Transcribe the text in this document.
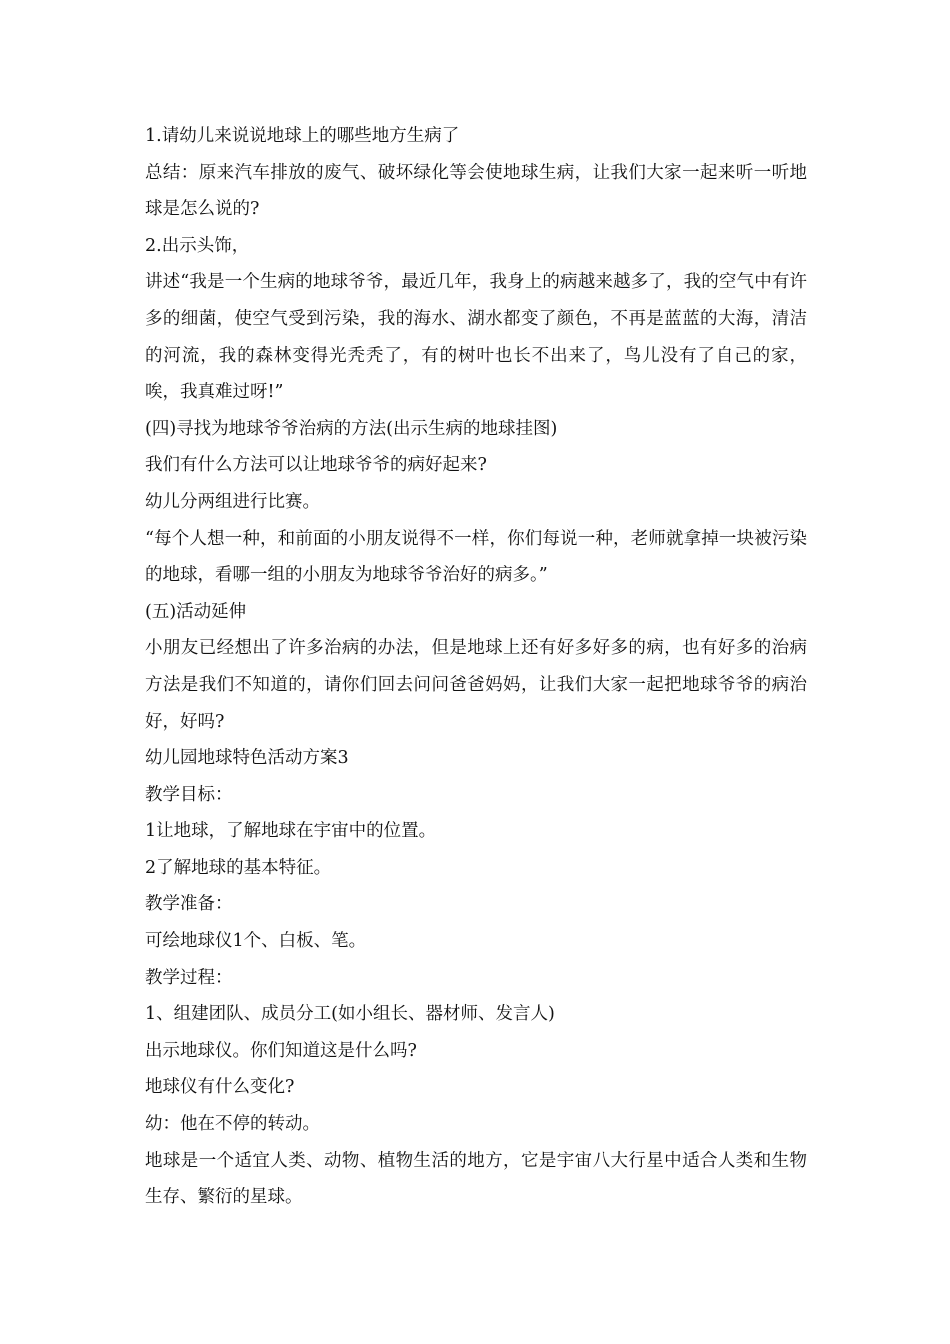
1.请幼儿来说说地球上的哪些地方生病了

总结：原来汽车排放的废气、破坏绿化等会使地球生病，让我们大家一起来听一听地球是怎么说的?

2.出示头饰，

讲述“我是一个生病的地球爷爷，最近几年，我身上的病越来越多了，我的空气中有许多的细菌，使空气受到污染，我的海水、湖水都变了颜色，不再是蓝蓝的大海，清洁的河流，我的森林变得光秃秃了，有的树叶也长不出来了，鸟儿没有了自己的家，唉，我真难过呀!”

(四)寻找为地球爷爷治病的方法(出示生病的地球挂图)

我们有什么方法可以让地球爷爷的病好起来?

幼儿分两组进行比赛。

“每个人想一种，和前面的小朋友说得不一样，你们每说一种，老师就拿掉一块被污染的地球，看哪一组的小朋友为地球爷爷治好的病多。”

(五)活动延伸

小朋友已经想出了许多治病的办法，但是地球上还有好多好多的病，也有好多的治病方法是我们不知道的，请你们回去问问爸爸妈妈，让我们大家一起把地球爷爷的病治好，好吗?

幼儿园地球特色活动方案3

教学目标：

1让地球，了解地球在宇宙中的位置。

2了解地球的基本特征。

教学准备：

可绘地球仪1个、白板、笔。

教学过程：

1、组建团队、成员分工(如小组长、器材师、发言人)

出示地球仪。你们知道这是什么吗?

地球仪有什么变化?

幼：他在不停的转动。

地球是一个适宜人类、动物、植物生活的地方，它是宇宙八大行星中适合人类和生物生存、繁衍的星球。
